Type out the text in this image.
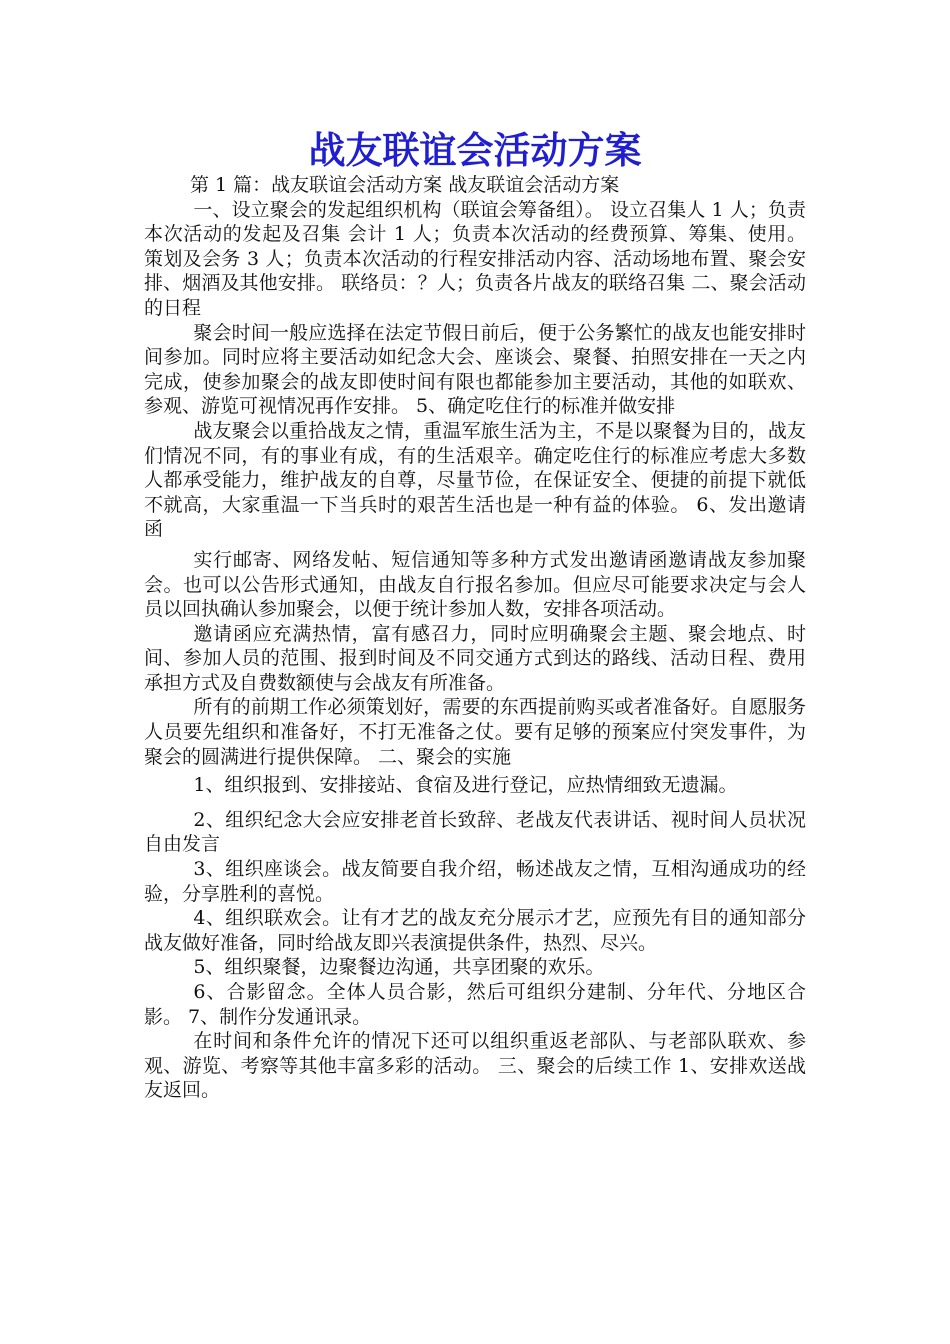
战友联谊会活动方案

第 1 篇：战友联谊会活动方案 战友联谊会活动方案

一、设立聚会的发起组织机构（联谊会筹备组）。 设立召集人 1 人；负责本次活动的发起及召集 会计 1 人；负责本次活动的经费预算、筹集、使用。 策划及会务 3 人；负责本次活动的行程安排活动内容、活动场地布置、聚会安排、烟酒及其他安排。 联络员：？人；负责各片战友的联络召集 二、聚会活动的日程

聚会时间一般应选择在法定节假日前后，便于公务繁忙的战友也能安排时间参加。同时应将主要活动如纪念大会、座谈会、聚餐、拍照安排在一天之内完成，使参加聚会的战友即使时间有限也都能参加主要活动，其他的如联欢、参观、游览可视情况再作安排。 5、确定吃住行的标准并做安排

战友聚会以重拾战友之情，重温军旅生活为主，不是以聚餐为目的，战友们情况不同，有的事业有成，有的生活艰辛。确定吃住行的标准应考虑大多数人都承受能力，维护战友的自尊，尽量节俭，在保证安全、便捷的前提下就低不就高，大家重温一下当兵时的艰苦生活也是一种有益的体验。 6、发出邀请函

实行邮寄、网络发帖、短信通知等多种方式发出邀请函邀请战友参加聚会。也可以公告形式通知，由战友自行报名参加。但应尽可能要求决定与会人员以回执确认参加聚会，以便于统计参加人数，安排各项活动。

邀请函应充满热情，富有感召力，同时应明确聚会主题、聚会地点、时间、参加人员的范围、报到时间及不同交通方式到达的路线、活动日程、费用承担方式及自费数额使与会战友有所准备。

所有的前期工作必须策划好，需要的东西提前购买或者准备好。自愿服务人员要先组织和准备好，不打无准备之仗。要有足够的预案应付突发事件，为聚会的圆满进行提供保障。 二、聚会的实施

1、组织报到、安排接站、食宿及进行登记，应热情细致无遗漏。

2、组织纪念大会应安排老首长致辞、老战友代表讲话、视时间人员状况自由发言

3、组织座谈会。战友简要自我介绍，畅述战友之情，互相沟通成功的经验，分享胜利的喜悦。

4、组织联欢会。让有才艺的战友充分展示才艺，应预先有目的通知部分战友做好准备，同时给战友即兴表演提供条件，热烈、尽兴。

5、组织聚餐，边聚餐边沟通，共享团聚的欢乐。

6、合影留念。全体人员合影，然后可组织分建制、分年代、分地区合影。 7、制作分发通讯录。

在时间和条件允许的情况下还可以组织重返老部队、与老部队联欢、参观、游览、考察等其他丰富多彩的活动。 三、聚会的后续工作 1、安排欢送战友返回。
